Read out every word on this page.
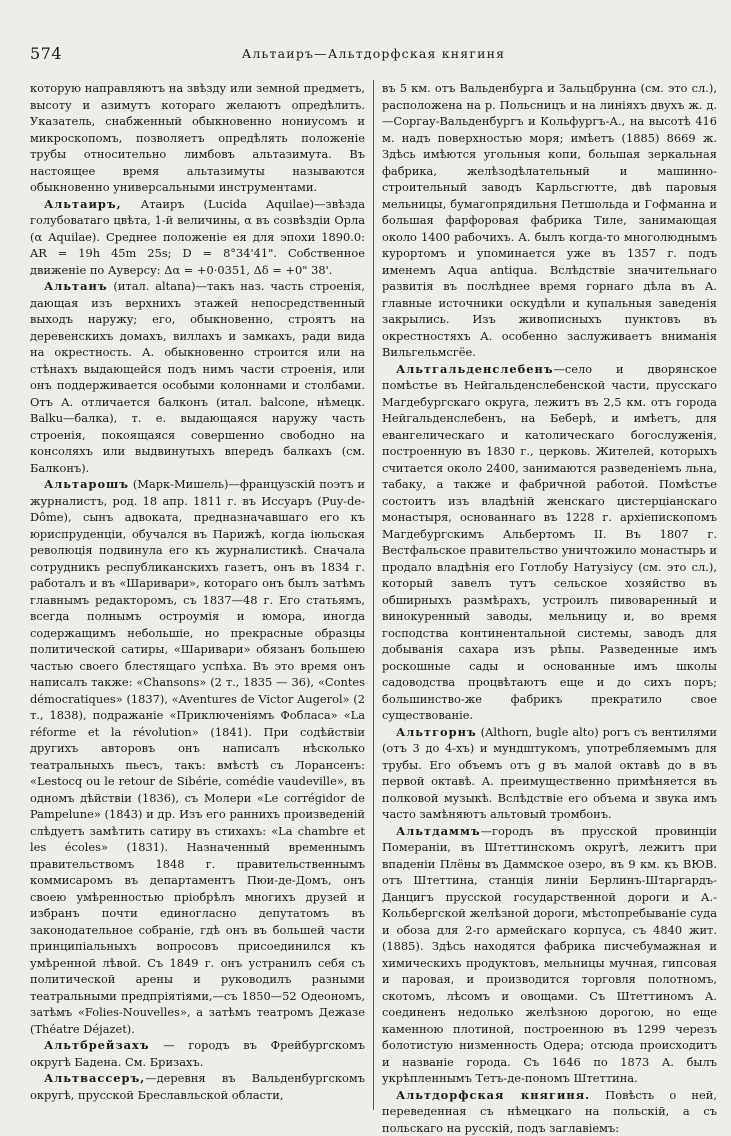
574	Альтаиръ—Альтдорфская княгиня

которую направляютъ на звѣзду или земной предметъ, высоту и азимутъ котораго желаютъ опредѣлить. Указатель, снабженный обыкновенно нониусомъ и микроскопомъ, позволяетъ опредѣлять положеніе трубы относительно лимбовъ альтазимута. Въ настоящее время альтазимуты называются обыкновенно универсальными инструментами.

Альтаиръ, Атаиръ (Lucida Aquilae)—звѣзда голубоватаго цвѣта, 1-й величины, α въ созвѣздіи Орла (α Aquilae). Среднее положеніе ея для эпохи 1890.0: AR = 19h 45m 25s; D = 8°34'41". Собственное движеніе по Ауверсу: Δα = +0·0351, Δδ = +0" 38'.

Альтанъ (итал. altana)—такъ наз. часть строенія, дающая изъ верхнихъ этажей непосредственный выходъ наружу; его, обыкновенно, строятъ на деревенскихъ домахъ, виллахъ и замкахъ, ради вида на окрестность. А. обыкновенно строится или на стѣнахъ выдающейся подъ нимъ части строенія, или онъ поддерживается особыми колоннами и столбами. Отъ А. отличается балконъ (итал. balcone, нѣмецк. Balku—балка), т. е. выдающаяся наружу часть строенія, покоящаяся совершенно свободно на консоляхъ или выдвинутыхъ впередъ балкахъ (см. Балконъ).

Альтарошъ (Марк-Мишель)—французскій поэтъ и журналистъ, род. 18 апр. 1811 г. въ Иссуаръ (Puy-de-Dôme), сынъ адвоката, предназначавшаго его къ юриспруденціи, обучался въ Парижѣ, когда іюльская революція подвинула его къ журналистикѣ. Сначала сотрудникъ республиканскихъ газетъ, онъ въ 1834 г. работалъ и въ «Шаривари», котораго онъ былъ затѣмъ главнымъ редакторомъ, съ 1837—48 г. Его статьямъ, всегда полнымъ остроумія и юмора, иногда содержащимъ небольшіе, но прекрасные образцы политической сатиры, «Шаривари» обязанъ большею частью своего блестящаго успѣха. Въ это время онъ написалъ также: «Chansons» (2 т., 1835 — 36), «Contes démocratiques» (1837), «Aventures de Victor Augerol» (2 т., 1838), подражаніе «Приключеніямъ Фобласа» «La réforme et la révolution» (1841). При содѣйствіи другихъ авторовъ онъ написалъ нѣсколько театральныхъ пьесъ, такъ: вмѣстѣ съ Лорансенъ: «Lestocq ou le retour de Sibérie, comédie vaudeville», въ одномъ дѣйствіи (1836), съ Молери «Le corrégidor de Pampelune» (1843) и др. Изъ его раннихъ произведеній слѣдуетъ замѣтить сатиру въ стихахъ: «La chambre et les écoles» (1831). Назначенный временнымъ правительствомъ 1848 г. правительственнымъ коммисаромъ въ департаментъ Пюи-де-Домъ, онъ своею умѣренностью пріобрѣлъ многихъ друзей и избранъ почти единогласно депутатомъ въ законодательное собраніе, гдѣ онъ въ большей части принципіальныхъ вопросовъ присоединился къ умѣренной лѣвой. Съ 1849 г. онъ устранилъ себя съ политической арены и руководилъ разными театральными предпріятіями,—съ 1850—52 Одеономъ, затѣмъ «Folies-Nouvelles», а затѣмъ театромъ Дежазе (Théatre Déjazet).

Альтбрейзахъ — городъ въ Фрейбургскомъ округѣ Бадена. См. Бризахъ.

Альтвассеръ,—деревня въ Вальденбургскомъ округѣ, прусской Бреславльской области,

въ 5 км. отъ Вальденбурга и Зальцбрунна (см. это сл.), расположена на р. Польсницъ и на линіяхъ двухъ ж. д.—Соргау-Вальденбургъ и Кольфургъ-А., на высотѣ 416 м. надъ поверхностью моря; имѣетъ (1885) 8669 ж. Здѣсь имѣются угольныя копи, большая зеркальная фабрика, желѣзодѣлательный и машинно-строительный заводъ Карльсгютте, двѣ паровыя мельницы, бумагопрядильня Петшольда и Гофманна и большая фарфоровая фабрика Тиле, занимающая около 1400 рабочихъ. А. былъ когда-то многолюднымъ курортомъ и упоминается уже въ 1357 г. подъ именемъ Aqua antiqua. Вслѣдствіе значительнаго развитія въ послѣднее время горнаго дѣла въ А. главные источники оскудѣли и купальныя заведенія закрылись. Изъ живописныхъ пунктовъ въ окрестностяхъ А. особенно заслуживаетъ вниманія Вильгельмсгёе.

Альтгальденслебенъ—село и дворянское помѣстье въ Нейгальденслебенской части, прусскаго Магдебургскаго округа, лежитъ въ 2,5 км. отъ города Нейгальденслебенъ, на Беберѣ, и имѣетъ, для евангелическаго и католическаго богослуженія, построенную въ 1830 г., церковь. Жителей, которыхъ считается около 2400, занимаются разведеніемъ льна, табаку, а также и фабричной работой. Помѣстье состоитъ изъ владѣній женскаго цистерціанскаго монастыря, основаннаго въ 1228 г. архіепископомъ Магдебургскимъ Альбертомъ II. Въ 1807 г. Вестфальское правительство уничтожило монастырь и продало владѣнія его Готлобу Натузіусу (см. это сл.), который завелъ тутъ сельское хозяйство въ обширныхъ размѣрахъ, устроилъ пивоваренный и винокуренный заводы, мельницу и, во время господства континентальной системы, заводъ для добыванія сахара изъ рѣпы. Разведенные имъ роскошные сады и основанные имъ школы садоводства процвѣтаютъ еще и до сихъ поръ; большинство-же фабрикъ прекратило свое существованіе.

Альтгорнъ (Althorn, bugle alto) рогъ съ вентилями (отъ 3 до 4-хъ) и мундштукомъ, употребляемымъ для трубы. Его объемъ отъ g въ малой октавѣ до в въ первой октавѣ. А. преимущественно примѣняется въ полковой музыкѣ. Вслѣдствіе его объема и звука имъ часто замѣняютъ альтовый тромбонъ.

Альтдаммъ—городъ въ прусской провинціи Помераніи, въ Штеттинскомъ округѣ, лежитъ при впаденіи Плёны въ Даммское озеро, въ 9 км. къ ВЮВ. отъ Штеттина, станція линіи Берлинъ-Штаргардъ-Данцигъ прусской государственной дороги и А.-Кольбергской желѣзной дороги, мѣстопребываніе суда и обоза для 2-го армейскаго корпуса, съ 4840 жит. (1885). Здѣсь находятся фабрика писчебумажная и химическихъ продуктовъ, мельницы мучная, гипсовая и паровая, и производится торговля полотномъ, скотомъ, лѣсомъ и овощами. Съ Штеттиномъ А. соединенъ недолько желѣзною дорогою, но еще каменною плотиной, построенною въ 1299 черезъ болотистую низменность Одера; отсюда происходитъ и названіе города. Съ 1646 по 1873 А. былъ укрѣпленнымъ Тетъ-де-пономъ Штеттина.

Альтдорфская княгиня. Повѣсть о ней, переведенная съ нѣмецкаго на польскій, а съ польскаго на русскій, подъ заглавіемъ:
